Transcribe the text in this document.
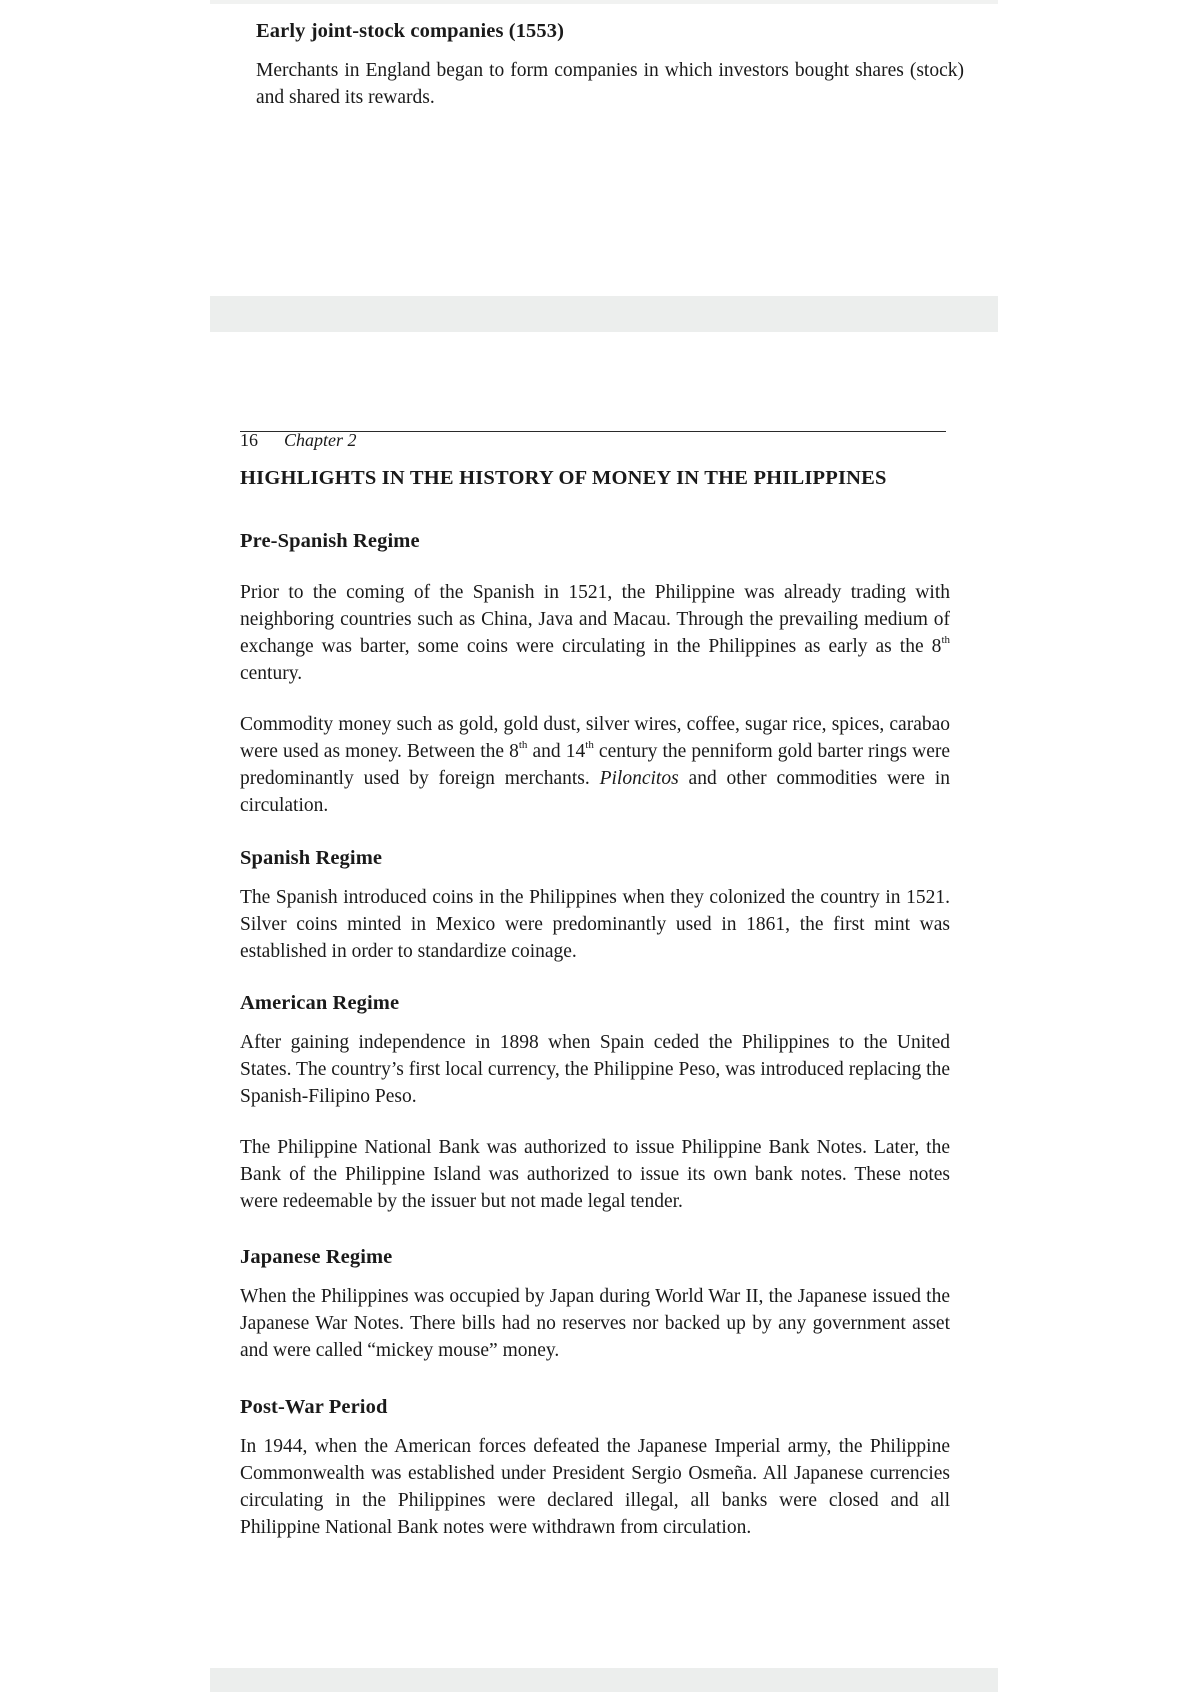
Early joint-stock companies (1553)

Merchants in England began to form companies in which investors bought shares (stock) and shared its rewards.

16 Chapter 2
HIGHLIGHTS IN THE HISTORY OF MONEY IN THE PHILIPPINES
Pre-Spanish Regime

Prior to the coming of the Spanish in 1521, the Philippine was already trading with neighboring countries such as China, Java and Macau. Through the prevailing medium of exchange was barter, some coins were circulating in the Philippines as early as the 8th century.

Commodity money such as gold, gold dust, silver wires, coffee, sugar rice, spices, carabao were used as money. Between the 8th and 14th century the penniform gold barter rings were predominantly used by foreign merchants. Piloncitos and other commodities were in circulation.

Spanish Regime

The Spanish introduced coins in the Philippines when they colonized the country in 1521. Silver coins minted in Mexico were predominantly used in 1861, the first mint was established in order to standardize coinage.

American Regime

After gaining independence in 1898 when Spain ceded the Philippines to the United States. The country’s first local currency, the Philippine Peso, was introduced replacing the Spanish-Filipino Peso.

The Philippine National Bank was authorized to issue Philippine Bank Notes. Later, the Bank of the Philippine Island was authorized to issue its own bank notes. These notes were redeemable by the issuer but not made legal tender.

Japanese Regime

When the Philippines was occupied by Japan during World War II, the Japanese issued the Japanese War Notes. There bills had no reserves nor backed up by any government asset and were called “mickey mouse” money.

Post-War Period

In 1944, when the American forces defeated the Japanese Imperial army, the Philippine Commonwealth was established under President Sergio Osmeña. All Japanese currencies circulating in the Philippines were declared illegal, all banks were closed and all Philippine National Bank notes were withdrawn from circulation.
